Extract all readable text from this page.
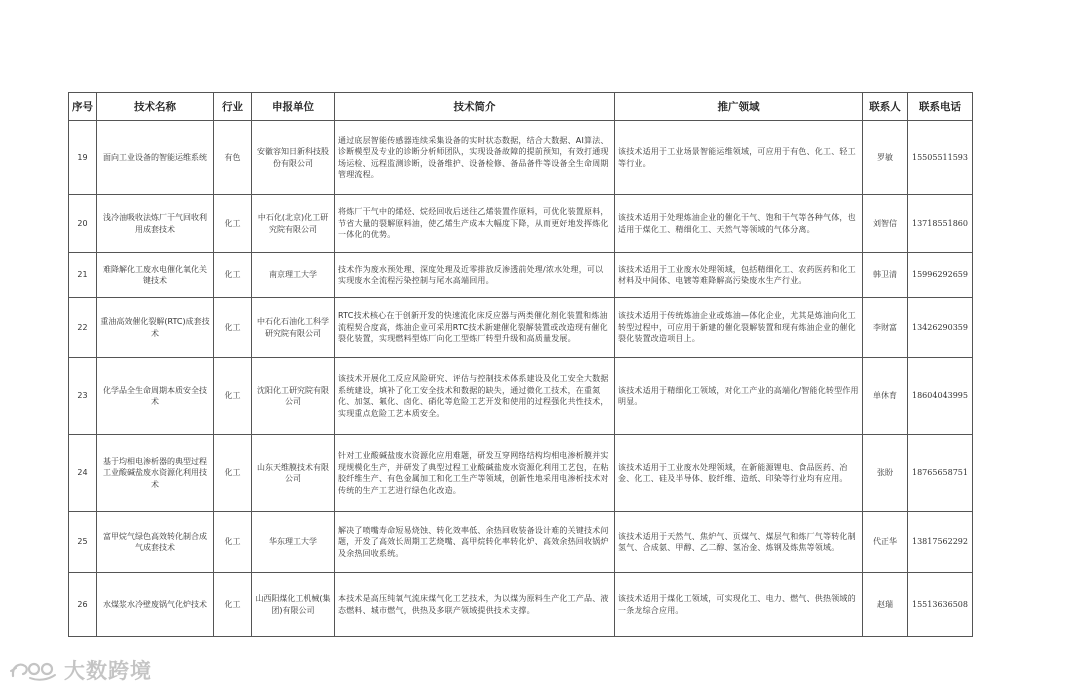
序号	技术名称	行业	申报单位	技术简介	推广领域	联系人	联系电话
19	面向工业设备的智能运维系统	有色	安徽容知日新科技股份有限公司	通过底层智能传感器连续采集设备的实时状态数据，结合大数据、AI算法、诊断模型及专业的诊断分析师团队，实现设备故障的提前预知，有效打通现场运检、远程监测诊断，设备维护、设备检修、备品备件等设备全生命周期管理流程。	该技术适用于工业场景智能运维领域，可应用于有色、化工、轻工等行业。	罗敏	15505511593
20	浅冷油吸收法炼厂干气回收利用成套技术	化工	中石化(北京)化工研究院有限公司	将炼厂干气中的烯烃、烷烃回收后送往乙烯装置作原料，可优化装置原料，节省大量的裂解原料油，使乙烯生产成本大幅度下降，从而更好地发挥炼化一体化的优势。	该技术适用于处理炼油企业的催化干气、饱和干气等各种气体，也适用于煤化工、精细化工、天然气等领域的气体分离。	刘智信	13718551860
21	难降解化工废水电催化氧化关键技术	化工	南京理工大学	技术作为废水预处理、深度处理及近零排放反渗透前处理/浓水处理，可以实现废水全流程污染控制与尾水高端回用。	该技术适用于工业废水处理领域，包括精细化工、农药医药和化工材料及中间体、电镀等难降解高污染废水生产行业。	韩卫清	15996292659
22	重油高效催化裂解(RTC)成套技术	化工	中石化石油化工科学研究院有限公司	RTC技术核心在于创新开发的快速流化床反应器与两类催化剂化装置和炼油流程契合度高，炼油企业可采用RTC技术新建催化裂解装置或改造现有催化裂化装置，实现燃料型炼厂向化工型炼厂转型升级和高质量发展。	该技术适用于传统炼油企业或炼油—体化企业，尤其是炼油向化工转型过程中，可应用于新建的催化裂解装置和现有炼油企业的催化裂化装置改造项目上。	李财富	13426290359
23	化学品全生命周期本质安全技术	化工	沈阳化工研究院有限公司	该技术开展化工反应风险研究、评估与控制技术体系建设及化工安全大数据系统建设，填补了化工安全技术和数据的缺失，通过微化工技术，在重氮化、加氢、氟化、卤化、硝化等危险工艺开发和使用的过程强化共性技术，实现重点危险工艺本质安全。	该技术适用于精细化工领域，对化工产业的高端化/智能化转型作用明显。	单休育	18604043995
24	基于均相电渗析器的典型过程工业酸碱盐废水资源化利用技术	化工	山东天维膜技术有限公司	针对工业酸碱盐废水资源化应用难题，研发互穿网络结构均相电渗析膜并实现规模化生产，并研发了典型过程工业酸碱盐废水资源化利用工艺包，在粘胶纤维生产、有色金属加工和化工生产等领域，创新性地采用电渗析技术对传统的生产工艺进行绿色化改造。	该技术适用于工业废水处理领域，在新能源锂电、食品医药、冶金、化工、硅及半导体、胶纤维、造纸、印染等行业均有应用。	张盼	18765658751
25	富甲烷气绿色高效转化制合成气成套技术	化工	华东理工大学	解决了喷嘴寿命短易烧蚀、转化效率低、余热回收装备设计难的关键技术问题，开发了高效长周期工艺烧嘴、高甲烷转化率转化炉、高效余热回收锅炉及余热回收系统。	该技术适用于天然气、焦炉气、页煤气、煤层气和炼厂气等转化制氢气、合成氨、甲醇、乙二醇、氢冶金、炼钢及炼焦等领域。	代正华	13817562292
26	水煤浆水冷壁废锅气化炉技术	化工	山西阳煤化工机械(集团)有限公司	本技术是高压纯氧气流床煤气化工艺技术，为以煤为原料生产化工产品、液态燃料、城市燃气，供热及多联产领域提供技术支撑。	该技术适用于煤化工领域，可实现化工、电力、燃气、供热领域的一条龙综合应用。	赵瑞	15513636508
大数跨境
